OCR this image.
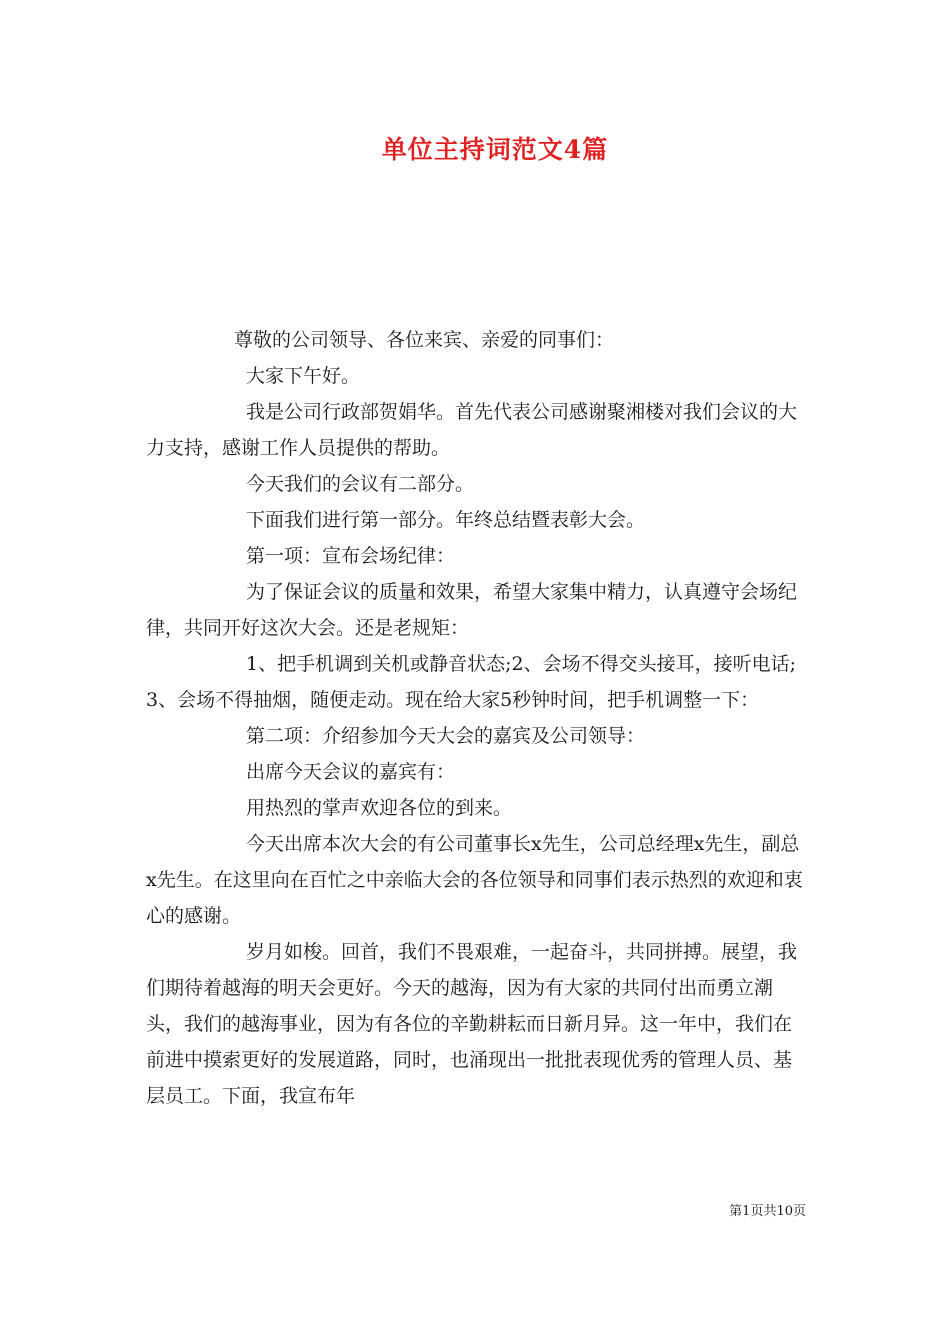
单位主持词范文4篇

尊敬的公司领导、各位来宾、亲爱的同事们：

大家下午好。

我是公司行政部贺娟华。首先代表公司感谢聚湘楼对我们会议的大力支持，感谢工作人员提供的帮助。

今天我们的会议有二部分。

下面我们进行第一部分。年终总结暨表彰大会。

第一项：宣布会场纪律：

为了保证会议的质量和效果，希望大家集中精力，认真遵守会场纪律，共同开好这次大会。还是老规矩：

1、把手机调到关机或静音状态;2、会场不得交头接耳，接听电话;3、会场不得抽烟，随便走动。现在给大家5秒钟时间，把手机调整一下：

第二项：介绍参加今天大会的嘉宾及公司领导：

出席今天会议的嘉宾有：

用热烈的掌声欢迎各位的到来。

今天出席本次大会的有公司董事长x先生，公司总经理x先生，副总x先生。在这里向在百忙之中亲临大会的各位领导和同事们表示热烈的欢迎和衷心的感谢。

岁月如梭。回首，我们不畏艰难，一起奋斗，共同拼搏。展望，我们期待着越海的明天会更好。今天的越海，因为有大家的共同付出而勇立潮头，我们的越海事业，因为有各位的辛勤耕耘而日新月异。这一年中，我们在前进中摸索更好的发展道路，同时，也涌现出一批批表现优秀的管理人员、基层员工。下面，我宣布年

第1页共10页
